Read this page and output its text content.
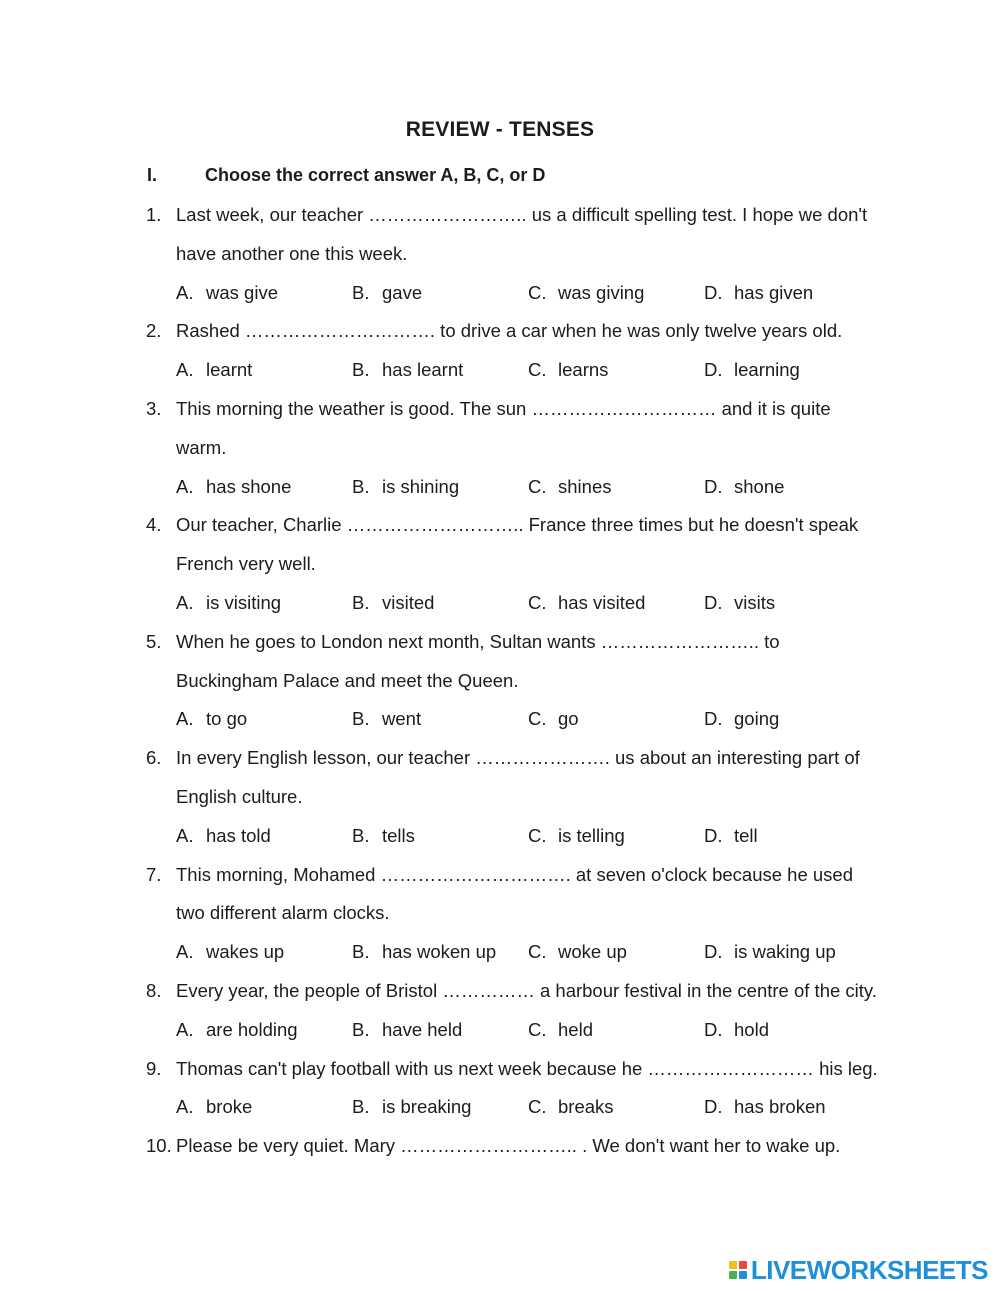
REVIEW - TENSES
I.	Choose the correct answer A, B, C, or D
1. Last week, our teacher …………………….. us a difficult spelling test. I hope we don't have another one this week.
A. was give	B. gave	C. was giving	D. has given
2. Rashed …………………………. to drive a car when he was only twelve years old.
A. learnt	B. has learnt	C. learns	D. learning
3. This morning the weather is good. The sun ………………………… and it is quite warm.
A. has shone	B. is shining	C. shines	D. shone
4. Our teacher, Charlie ……………………….. France three times but he doesn't speak French very well.
A. is visiting	B. visited	C. has visited	D. visits
5. When he goes to London next month, Sultan wants …………………….. to Buckingham Palace and meet the Queen.
A. to go	B. went	C. go	D. going
6. In every English lesson, our teacher …………………. us about an interesting part of English culture.
A. has told	B. tells	C. is telling	D. tell
7. This morning, Mohamed …………………………. at seven o'clock because he used two different alarm clocks.
A. wakes up	B. has woken up	C. woke up	D. is waking up
8. Every year, the people of Bristol …………… a harbour festival in the centre of the city.
A. are holding	B. have held	C. held	D. hold
9. Thomas can't play football with us next week because he ……………………… his leg.
A. broke	B. is breaking	C. breaks	D. has broken
10. Please be very quiet. Mary ……………………….. . We don't want her to wake up.
LIVEWORKSHEETS
